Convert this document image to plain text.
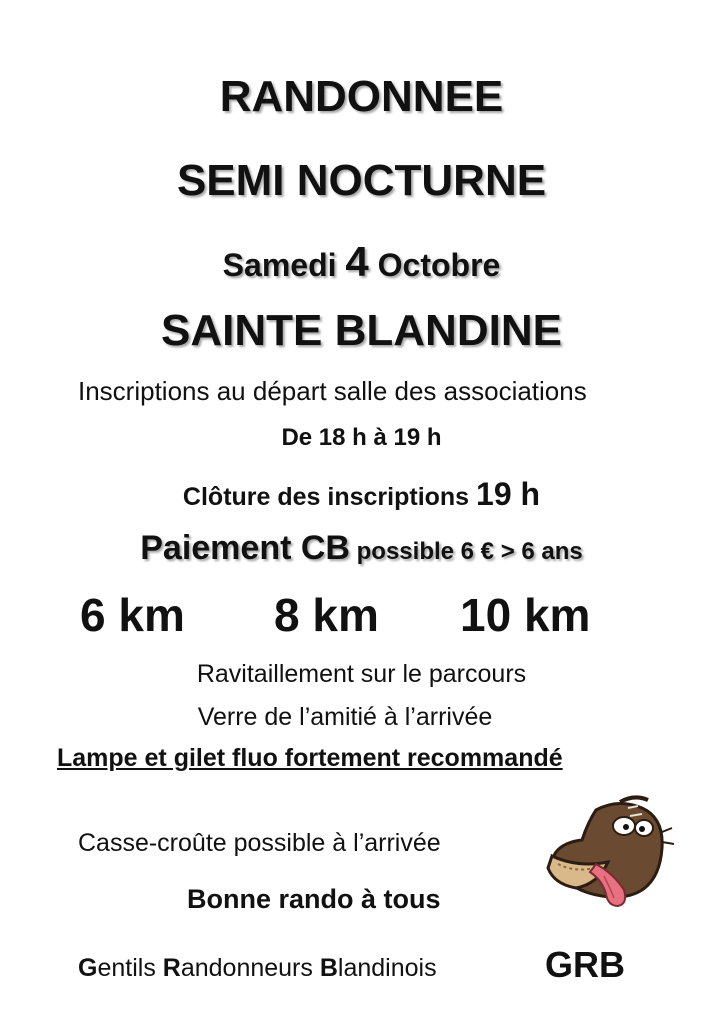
RANDONNEE
SEMI NOCTURNE
Samedi 4 Octobre
SAINTE BLANDINE
Inscriptions au départ salle des associations
De 18 h à 19 h
Clôture des inscriptions 19 h
Paiement CB possible 6 € > 6 ans
6 km 8 km 10 km
Ravitaillement sur le parcours
Verre de l’amitié à l’arrivée
Lampe et gilet fluo fortement recommandé
Casse-croûte possible à l’arrivée
Bonne rando à tous
Gentils Randonneurs Blandinois	GRB
